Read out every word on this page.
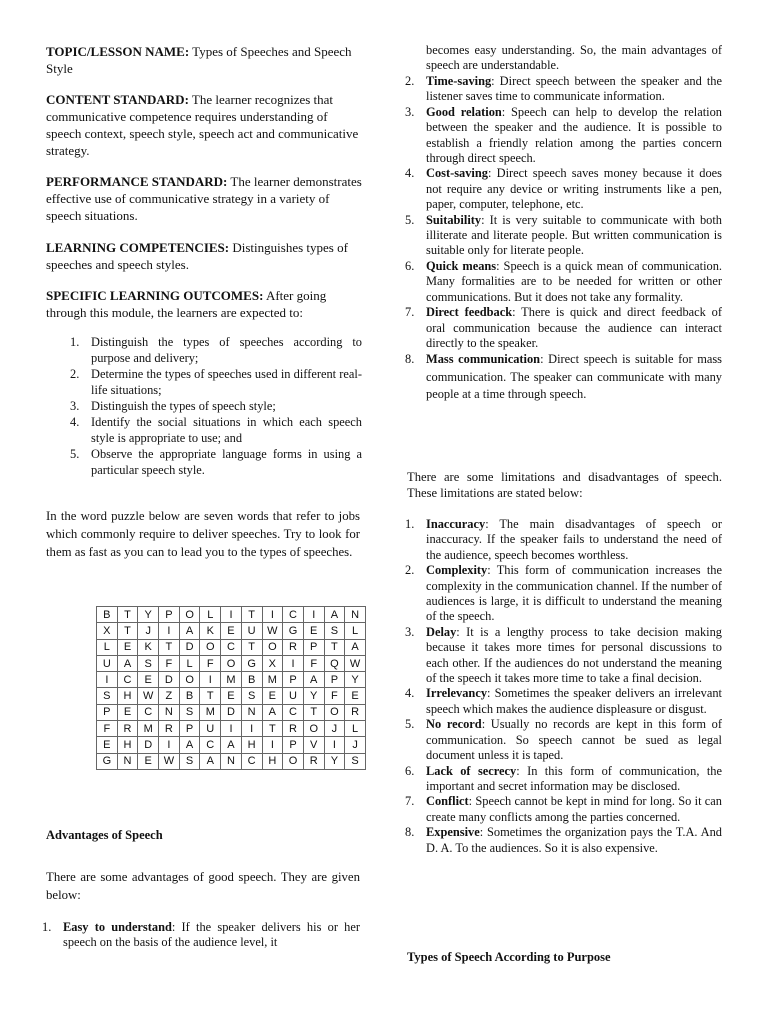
TOPIC/LESSON NAME: Types of Speeches and Speech Style

CONTENT STANDARD: The learner recognizes that communicative competence requires understanding of speech context, speech style, speech act and communicative strategy.

PERFORMANCE STANDARD: The learner demonstrates effective use of communicative strategy in a variety of speech situations.

LEARNING COMPETENCIES: Distinguishes types of speeches and speech styles.

SPECIFIC LEARNING OUTCOMES: After going through this module, the learners are expected to:

1. Distinguish the types of speeches according to purpose and delivery;
2. Determine the types of speeches used in different real-life situations;
3. Distinguish the types of speech style;
4. Identify the social situations in which each speech style is appropriate to use; and
5. Observe the appropriate language forms in using a particular speech style.

In the word puzzle below are seven words that refer to jobs which commonly require to deliver speeches. Try to look for them as fast as you can to lead you to the types of speeches.

Advantages of Speech

There are some advantages of good speech. They are given below:

1. Easy to understand: If the speaker delivers his or her speech on the basis of the audience level, it
B	T	Y	P	O	L	I	T	I	C	I	A	N
X	T	J	I	A	K	E	U	W	G	E	S	L
L	E	K	T	D	O	C	T	O	R	P	T	A
U	A	S	F	L	F	O	G	X	I	F	Q	W
I	C	E	D	O	I	M	B	M	P	A	P	Y
S	H	W	Z	B	T	E	S	E	U	Y	F	E
P	E	C	N	S	M	D	N	A	C	T	O	R
F	R	M	R	P	U	I	I	T	R	O	J	L
E	H	D	I	A	C	A	H	I	P	V	I	J
G	N	E	W	S	A	N	C	H	O	R	Y	S

becomes easy understanding. So, the main advantages of speech are understandable.

2. Time-saving: Direct speech between the speaker and the listener saves time to communicate information.
3. Good relation: Speech can help to develop the relation between the speaker and the audience. It is possible to establish a friendly relation among the parties concern through direct speech.
4. Cost-saving: Direct speech saves money because it does not require any device or writing instruments like a pen, paper, computer, telephone, etc.
5. Suitability: It is very suitable to communicate with both illiterate and literate people. But written communication is suitable only for literate people.
6. Quick means: Speech is a quick mean of communication. Many formalities are to be needed for written or other communications. But it does not take any formality.
7. Direct feedback: There is quick and direct feedback of oral communication because the audience can interact directly to the speaker.
8. Mass communication: Direct speech is suitable for mass communication. The speaker can communicate with many people at a time through speech.

There are some limitations and disadvantages of speech. These limitations are stated below:

1. Inaccuracy: The main disadvantages of speech or inaccuracy. If the speaker fails to understand the need of the audience, speech becomes worthless.
2. Complexity: This form of communication increases the complexity in the communication channel. If the number of audiences is large, it is difficult to understand the meaning of the speech.
3. Delay: It is a lengthy process to take decision making because it takes more times for personal discussions to each other. If the audiences do not understand the meaning of the speech it takes more time to take a final decision.
4. Irrelevancy: Sometimes the speaker delivers an irrelevant speech which makes the audience displeasure or disgust.
5. No record: Usually no records are kept in this form of communication. So speech cannot be sued as legal document unless it is taped.
6. Lack of secrecy: In this form of communication, the important and secret information may be disclosed.
7. Conflict: Speech cannot be kept in mind for long. So it can create many conflicts among the parties concerned.
8. Expensive: Sometimes the organization pays the T.A. And D. A. To the audiences. So it is also expensive.

Types of Speech According to Purpose
